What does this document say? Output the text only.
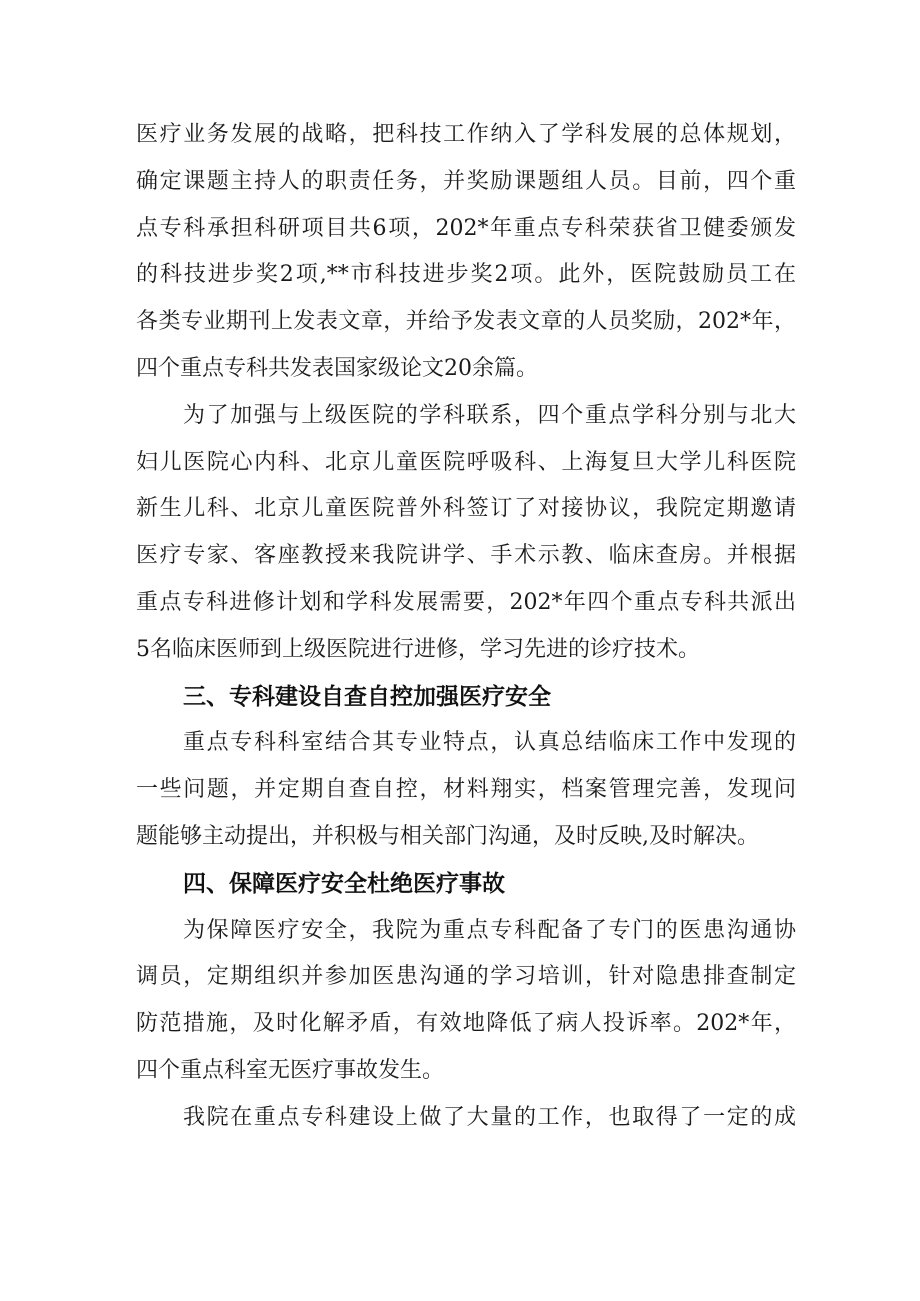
医疗业务发展的战略，把科技工作纳入了学科发展的总体规划，
确定课题主持人的职责任务，并奖励课题组人员。目前，四个重
点专科承担科研项目共6项，202*年重点专科荣获省卫健委颁发
的科技进步奖2项,**市科技进步奖2项。此外，医院鼓励员工在
各类专业期刊上发表文章，并给予发表文章的人员奖励，202*年，
四个重点专科共发表国家级论文20余篇。
为了加强与上级医院的学科联系，四个重点学科分别与北大
妇儿医院心内科、北京儿童医院呼吸科、上海复旦大学儿科医院
新生儿科、北京儿童医院普外科签订了对接协议，我院定期邀请
医疗专家、客座教授来我院讲学、手术示教、临床查房。并根据
重点专科进修计划和学科发展需要，202*年四个重点专科共派出
5名临床医师到上级医院进行进修，学习先进的诊疗技术。
三、专科建设自查自控加强医疗安全
重点专科科室结合其专业特点，认真总结临床工作中发现的
一些问题，并定期自查自控，材料翔实，档案管理完善，发现问
题能够主动提出，并积极与相关部门沟通，及时反映,及时解决。
四、保障医疗安全杜绝医疗事故
为保障医疗安全，我院为重点专科配备了专门的医患沟通协
调员，定期组织并参加医患沟通的学习培训，针对隐患排查制定
防范措施，及时化解矛盾，有效地降低了病人投诉率。202*年，
四个重点科室无医疗事故发生。
我院在重点专科建设上做了大量的工作，也取得了一定的成
